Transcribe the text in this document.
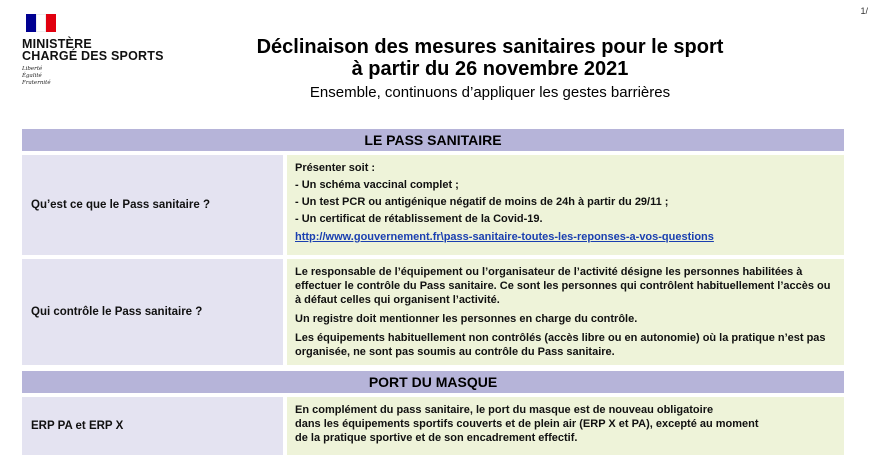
1/
MINISTÈRE
CHARGÉ DES SPORTS
Liberté
Égalité
Fraternité
Déclinaison des mesures sanitaires pour le sport
à partir du 26 novembre 2021
Ensemble, continuons d’appliquer les gestes barrières
LE PASS SANITAIRE
Qu’est ce que le Pass sanitaire ?
Présenter soit :
- Un schéma vaccinal complet ;
- Un test PCR ou antigénique négatif de moins de 24h à partir du 29/11 ;
- Un certificat de rétablissement de la Covid-19.
http://www.gouvernement.fr\pass-sanitaire-toutes-les-reponses-a-vos-questions
Qui contrôle le Pass sanitaire ?

Le responsable de l’équipement ou l’organisateur de l’activité désigne les personnes habilitées à effectuer le contrôle du Pass sanitaire. Ce sont les personnes qui contrôlent habituellement l’accès ou à défaut celles qui organisent l’activité.

Un registre doit mentionner les personnes en charge du contrôle.

Les équipements habituellement non contrôlés (accès libre ou en autonomie) où la pratique n’est pas organisée, ne sont pas soumis au contrôle du Pass sanitaire.

PORT DU MASQUE
ERP PA et ERP X
En complément du pass sanitaire, le port du masque est de nouveau obligatoire
dans les équipements sportifs couverts et de plein air (ERP X et PA), excepté au moment
de la pratique sportive et de son encadrement effectif.
